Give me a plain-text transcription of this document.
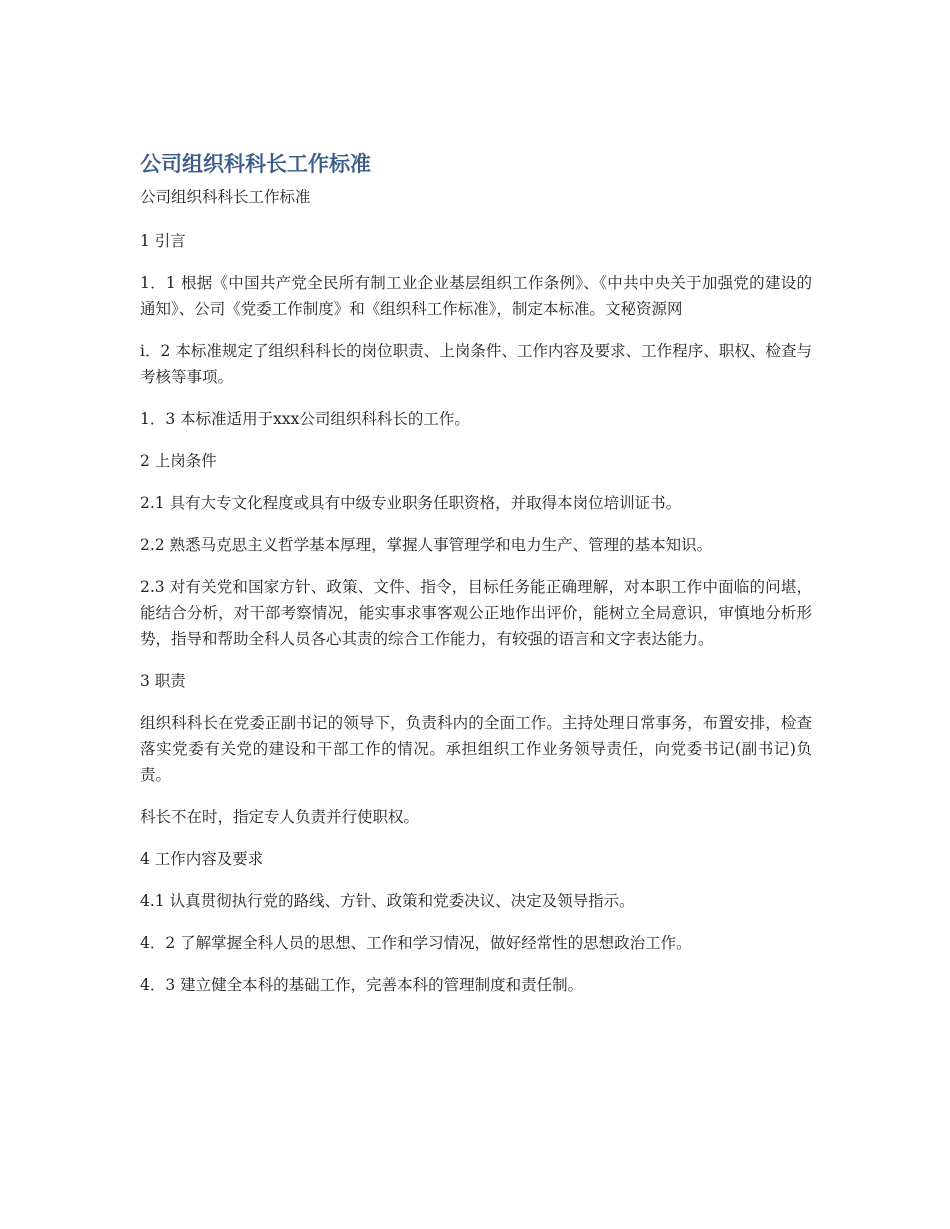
公司组织科科长工作标准
公司组织科科长工作标准

1 引言

1．1 根据《中国共产党全民所有制工业企业基层组织工作条例》、《中共中央关于加强党的建设的通知》、公司《党委工作制度》和《组织科工作标准》，制定本标准。文秘资源网

i．2 本标准规定了组织科科长的岗位职责、上岗条件、工作内容及要求、工作程序、职权、检查与考核等事项。

1．3 本标准适用于xxx公司组织科科长的工作。

2 上岗条件

2.1 具有大专文化程度或具有中级专业职务任职资格，并取得本岗位培训证书。

2.2 熟悉马克思主义哲学基本厚理，掌握人事管理学和电力生产、管理的基本知识。

2.3 对有关党和国家方针、政策、文件、指令，目标任务能正确理解，对本职工作中面临的问堪，能结合分析，对干部考察情况，能实事求事客观公正地作出评价，能树立全局意识，审慎地分析形势，指导和帮助全科人员各心其责的综合工作能力，有较强的语言和文字表达能力。

3 职责

组织科科长在党委正副书记的领导下，负责科内的全面工作。主持处理日常事务，布置安排，检查落实党委有关党的建设和干部工作的情况。承担组织工作业务领导责任，向党委书记(副书记)负责。

科长不在时，指定专人负责并行使职权。

4 工作内容及要求

4.1 认真贯彻执行党的路线、方针、政策和党委决议、决定及领导指示。

4．2 了解掌握全科人员的思想、工作和学习情况，做好经常性的思想政治工作。

4．3 建立健全本科的基础工作，完善本科的管理制度和责任制。
